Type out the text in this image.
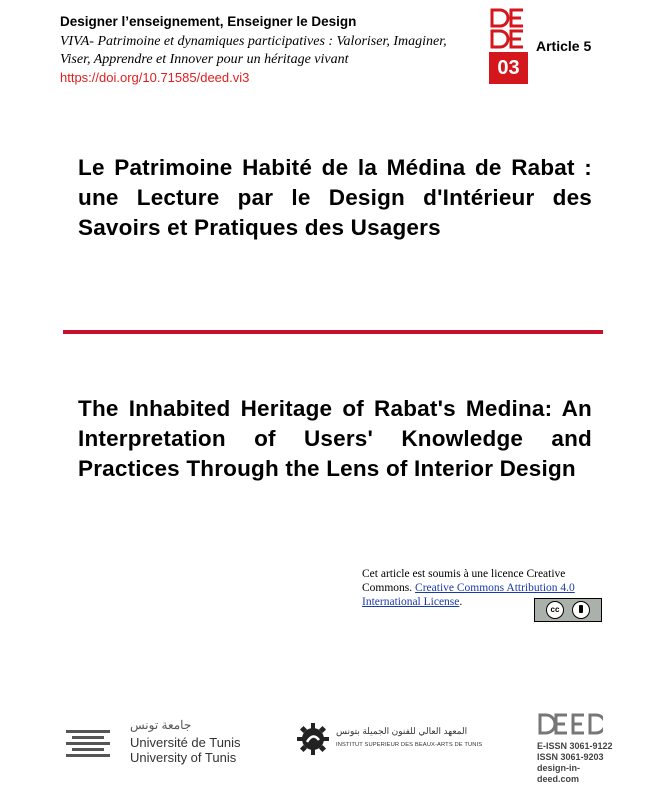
Designer l’enseignement, Enseigner le Design
VIVA- Patrimoine et dynamiques participatives : Valoriser, Imaginer, Viser, Apprendre et Innover pour un héritage vivant
https://doi.org/10.71585/deed.vi3	03
Article 5
Le Patrimoine Habité de la Médina de Rabat : une Lecture par le Design d'Intérieur des Savoirs et Pratiques des Usagers
The Inhabited Heritage of Rabat's Medina: An Interpretation of Users' Knowledge and Practices Through the Lens of Interior Design
Cet article est soumis à une licence Creative Commons. Creative Commons Attribution 4.0 International License.
cc
جامعة تونس
Université de Tunis
University of Tunis
المعهد العالي للفنون الجميلة بتونس
INSTITUT SUPERIEUR DES BEAUX-ARTS DE TUNIS	E-ISSN 3061-9122
ISSN 3061-9203
design-in-deed.com
